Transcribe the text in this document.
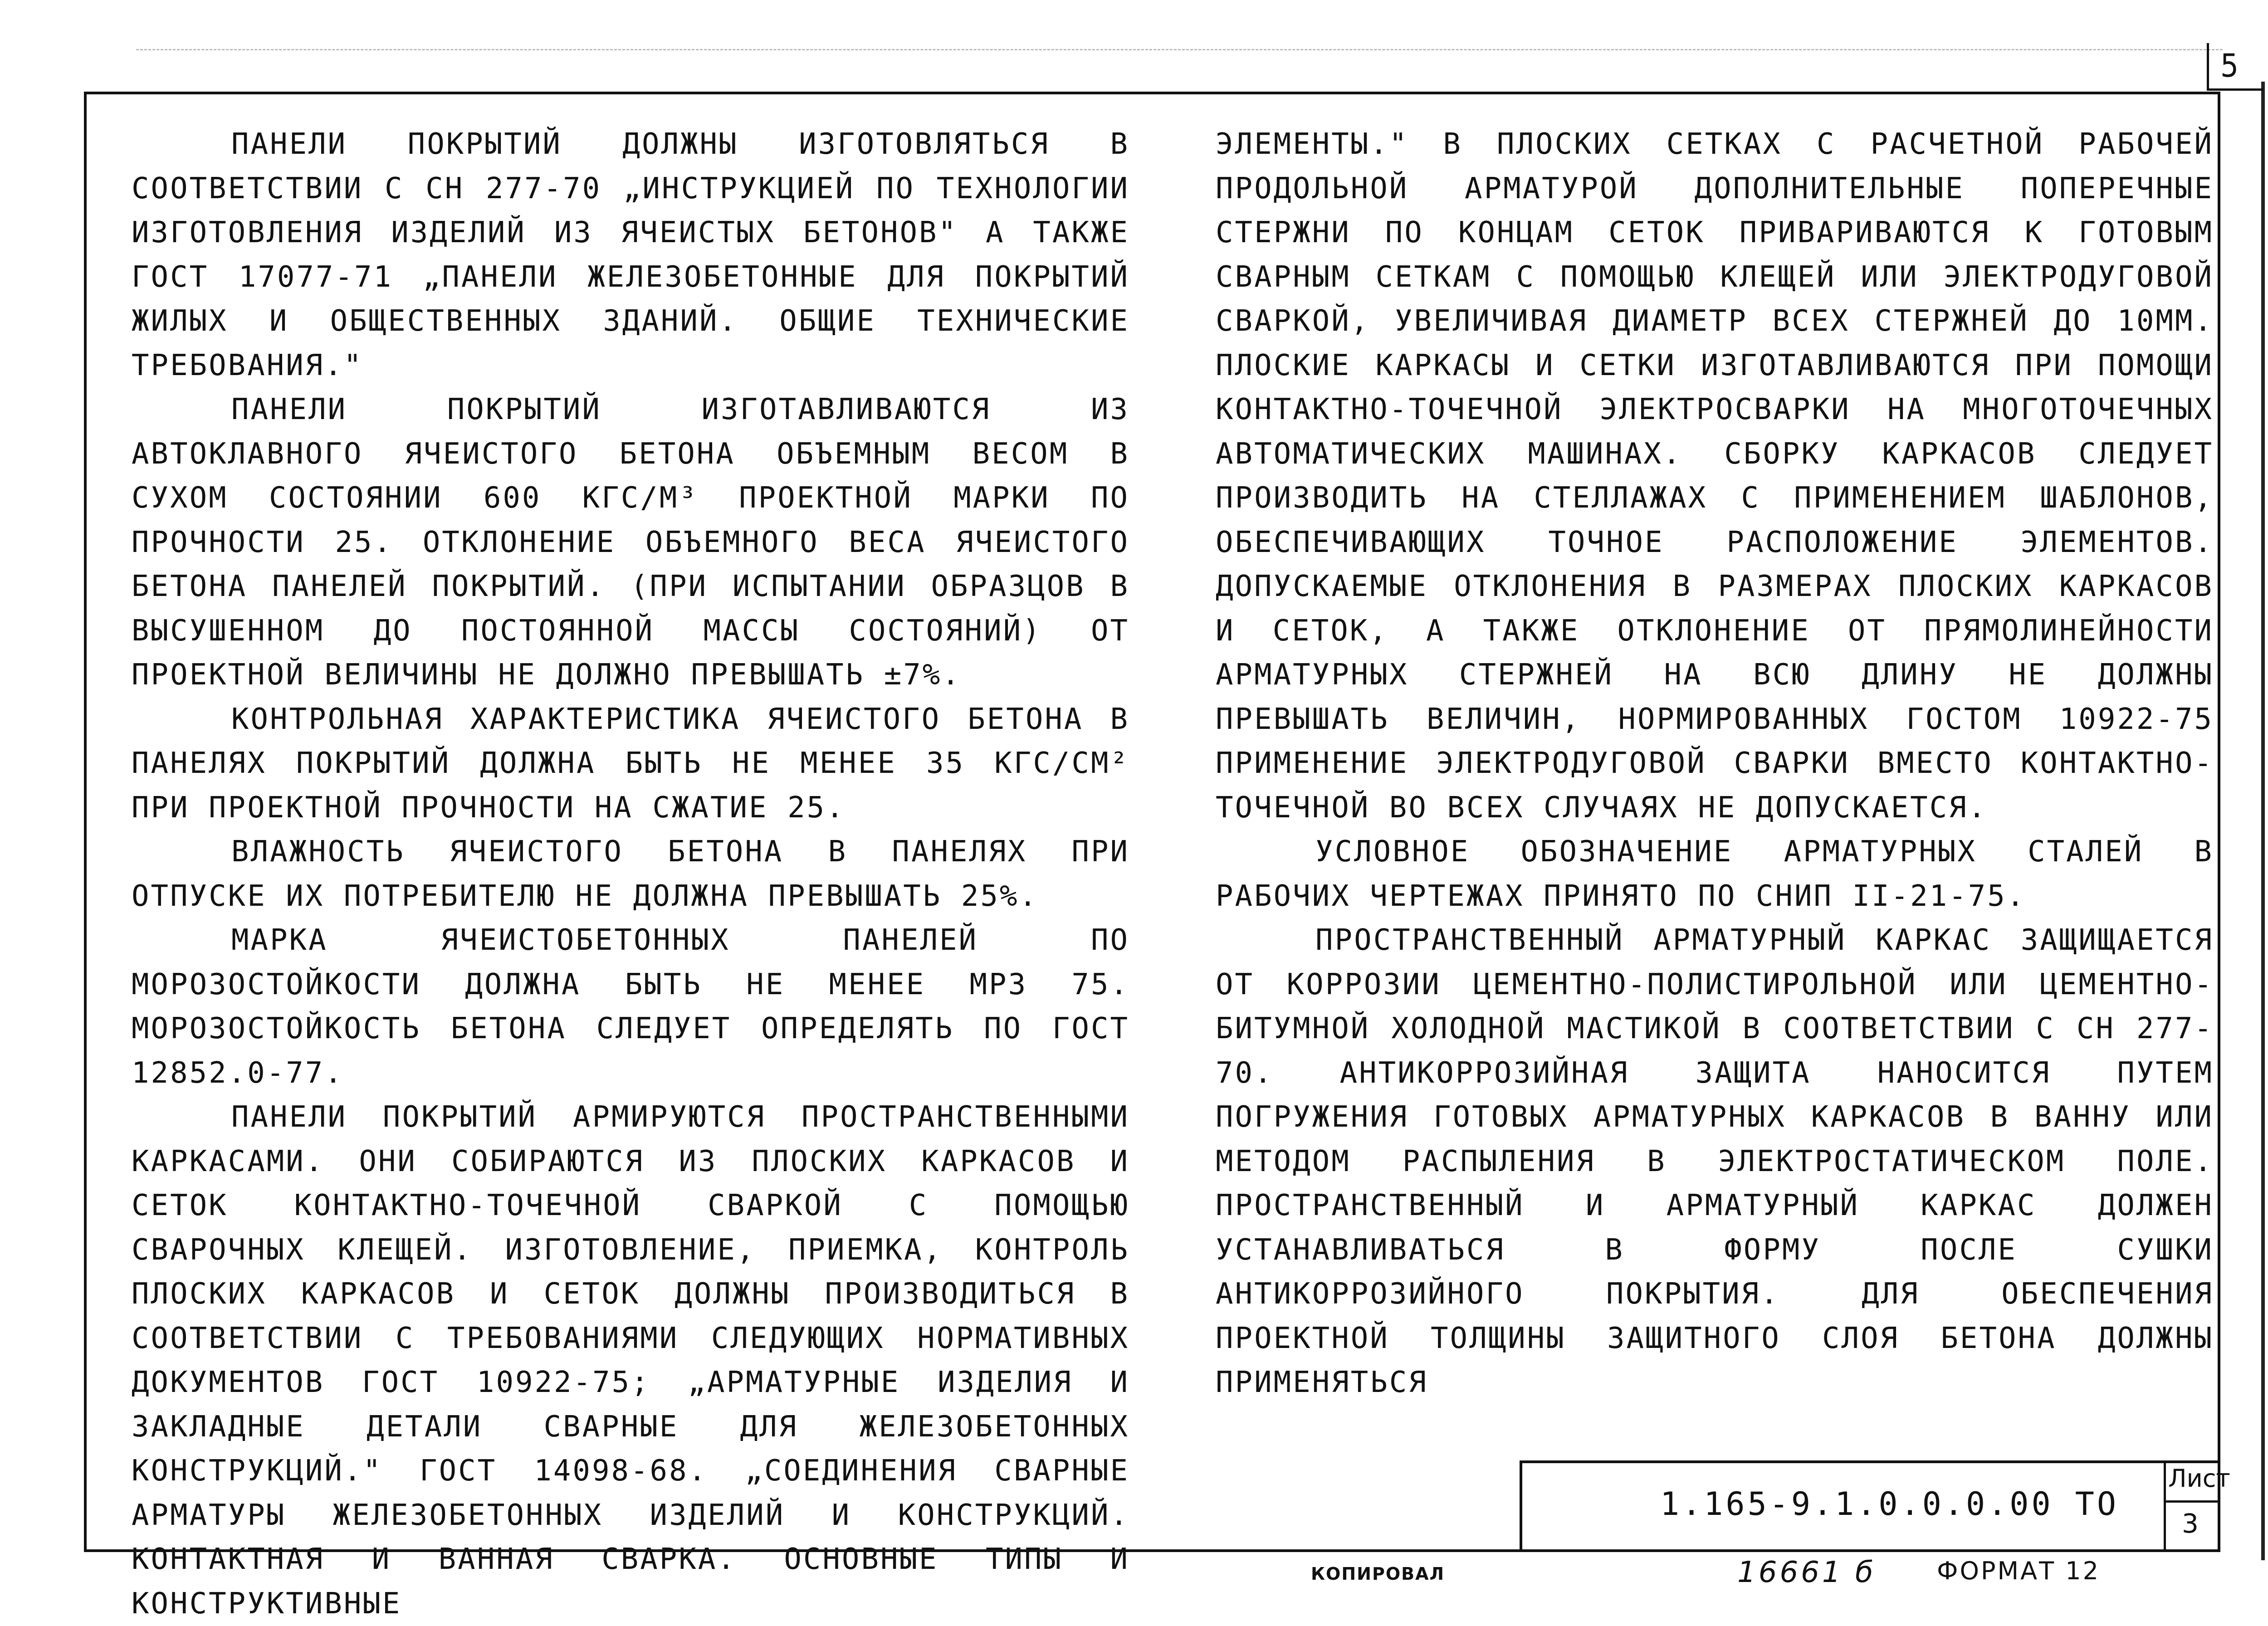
5

ПАНЕЛИ ПОКРЫТИЙ ДОЛЖНЫ ИЗГОТОВЛЯТЬСЯ В СООТВЕТСТВИИ С СН 277-70 „ИНСТРУКЦИЕЙ ПО ТЕХНОЛОГИИ ИЗГОТОВЛЕНИЯ ИЗДЕЛИЙ ИЗ ЯЧЕИСТЫХ БЕТОНОВ" А ТАКЖЕ ГОСТ 17077-71 „ПАНЕЛИ ЖЕЛЕЗОБЕТОННЫЕ ДЛЯ ПОКРЫТИЙ ЖИЛЫХ И ОБЩЕСТВЕННЫХ ЗДАНИЙ. ОБЩИЕ ТЕХНИЧЕСКИЕ ТРЕБОВАНИЯ."

ПАНЕЛИ ПОКРЫТИЙ ИЗГОТАВЛИВАЮТСЯ ИЗ АВТОКЛАВНОГО ЯЧЕИСТОГО БЕТОНА ОБЪЕМНЫМ ВЕСОМ В СУХОМ СОСТОЯНИИ 600 КГС/М³ ПРОЕКТНОЙ МАРКИ ПО ПРОЧНОСТИ 25. ОТКЛОНЕНИЕ ОБЪЕМНОГО ВЕСА ЯЧЕИСТОГО БЕТОНА ПАНЕЛЕЙ ПОКРЫТИЙ. (ПРИ ИСПЫТАНИИ ОБРАЗЦОВ В ВЫСУШЕННОМ ДО ПОСТОЯННОЙ МАССЫ СОСТОЯНИЙ) ОТ ПРОЕКТНОЙ ВЕЛИЧИНЫ НЕ ДОЛЖНО ПРЕВЫШАТЬ ±7%.

КОНТРОЛЬНАЯ ХАРАКТЕРИСТИКА ЯЧЕИСТОГО БЕТОНА В ПАНЕЛЯХ ПОКРЫТИЙ ДОЛЖНА БЫТЬ НЕ МЕНЕЕ 35 КГС/СМ² ПРИ ПРОЕКТНОЙ ПРОЧНОСТИ НА СЖАТИЕ 25.

ВЛАЖНОСТЬ ЯЧЕИСТОГО БЕТОНА В ПАНЕЛЯХ ПРИ ОТПУСКЕ ИХ ПОТРЕБИТЕЛЮ НЕ ДОЛЖНА ПРЕВЫШАТЬ 25%.

МАРКА ЯЧЕИСТОБЕТОННЫХ ПАНЕЛЕЙ ПО МОРОЗОСТОЙКОСТИ ДОЛЖНА БЫТЬ НЕ МЕНЕЕ МРЗ 75. МОРОЗОСТОЙКОСТЬ БЕТОНА СЛЕДУЕТ ОПРЕДЕЛЯТЬ ПО ГОСТ 12852.0-77.

ПАНЕЛИ ПОКРЫТИЙ АРМИРУЮТСЯ ПРОСТРАНСТВЕННЫМИ КАРКАСАМИ. ОНИ СОБИРАЮТСЯ ИЗ ПЛОСКИХ КАРКАСОВ И СЕТОК КОНТАКТНО-ТОЧЕЧНОЙ СВАРКОЙ С ПОМОЩЬЮ СВАРОЧНЫХ КЛЕЩЕЙ. ИЗГОТОВЛЕНИЕ, ПРИЕМКА, КОНТРОЛЬ ПЛОСКИХ КАРКАСОВ И СЕТОК ДОЛЖНЫ ПРОИЗВОДИТЬСЯ В СООТВЕТСТВИИ С ТРЕБОВАНИЯМИ СЛЕДУЮЩИХ НОРМАТИВНЫХ ДОКУМЕНТОВ ГОСТ 10922-75; „АРМАТУРНЫЕ ИЗДЕЛИЯ И ЗАКЛАДНЫЕ ДЕТАЛИ СВАРНЫЕ ДЛЯ ЖЕЛЕЗОБЕТОННЫХ КОНСТРУКЦИЙ." ГОСТ 14098-68. „СОЕДИНЕНИЯ СВАРНЫЕ АРМАТУРЫ ЖЕЛЕЗОБЕТОННЫХ ИЗДЕЛИЙ И КОНСТРУКЦИЙ. КОНТАКТНАЯ И ВАННАЯ СВАРКА. ОСНОВНЫЕ ТИПЫ И КОНСТРУКТИВНЫЕ

ЭЛЕМЕНТЫ." В ПЛОСКИХ СЕТКАХ С РАСЧЕТНОЙ РАБОЧЕЙ ПРОДОЛЬНОЙ АРМАТУРОЙ ДОПОЛНИТЕЛЬНЫЕ ПОПЕРЕЧНЫЕ СТЕРЖНИ ПО КОНЦАМ СЕТОК ПРИВАРИВАЮТСЯ К ГОТОВЫМ СВАРНЫМ СЕТКАМ С ПОМОЩЬЮ КЛЕЩЕЙ ИЛИ ЭЛЕКТРОДУГОВОЙ СВАРКОЙ, УВЕЛИЧИВАЯ ДИАМЕТР ВСЕХ СТЕРЖНЕЙ ДО 10ММ. ПЛОСКИЕ КАРКАСЫ И СЕТКИ ИЗГОТАВЛИВАЮТСЯ ПРИ ПОМОЩИ КОНТАКТНО-ТОЧЕЧНОЙ ЭЛЕКТРОСВАРКИ НА МНОГОТОЧЕЧНЫХ АВТОМАТИЧЕСКИХ МАШИНАХ. СБОРКУ КАРКАСОВ СЛЕДУЕТ ПРОИЗВОДИТЬ НА СТЕЛЛАЖАХ С ПРИМЕНЕНИЕМ ШАБЛОНОВ, ОБЕСПЕЧИВАЮЩИХ ТОЧНОЕ РАСПОЛОЖЕНИЕ ЭЛЕМЕНТОВ. ДОПУСКАЕМЫЕ ОТКЛОНЕНИЯ В РАЗМЕРАХ ПЛОСКИХ КАРКАСОВ И СЕТОК, А ТАКЖЕ ОТКЛОНЕНИЕ ОТ ПРЯМОЛИНЕЙНОСТИ АРМАТУРНЫХ СТЕРЖНЕЙ НА ВСЮ ДЛИНУ НЕ ДОЛЖНЫ ПРЕВЫШАТЬ ВЕЛИЧИН, НОРМИРОВАННЫХ ГОСТОМ 10922-75 ПРИМЕНЕНИЕ ЭЛЕКТРОДУГОВОЙ СВАРКИ ВМЕСТО КОНТАКТНО-ТОЧЕЧНОЙ ВО ВСЕХ СЛУЧАЯХ НЕ ДОПУСКАЕТСЯ.

УСЛОВНОЕ ОБОЗНАЧЕНИЕ АРМАТУРНЫХ СТАЛЕЙ В РАБОЧИХ ЧЕРТЕЖАХ ПРИНЯТО ПО СНИП II-21-75.

ПРОСТРАНСТВЕННЫЙ АРМАТУРНЫЙ КАРКАС ЗАЩИЩАЕТСЯ ОТ КОРРОЗИИ ЦЕМЕНТНО-ПОЛИСТИРОЛЬНОЙ ИЛИ ЦЕМЕНТНО-БИТУМНОЙ ХОЛОДНОЙ МАСТИКОЙ В СООТВЕТСТВИИ С СН 277-70. АНТИКОРРОЗИЙНАЯ ЗАЩИТА НАНОСИТСЯ ПУТЕМ ПОГРУЖЕНИЯ ГОТОВЫХ АРМАТУРНЫХ КАРКАСОВ В ВАННУ ИЛИ МЕТОДОМ РАСПЫЛЕНИЯ В ЭЛЕКТРОСТАТИЧЕСКОМ ПОЛЕ. ПРОСТРАНСТВЕННЫЙ И АРМАТУРНЫЙ КАРКАС ДОЛЖЕН УСТАНАВЛИВАТЬСЯ В ФОРМУ ПОСЛЕ СУШКИ АНТИКОРРОЗИЙНОГО ПОКРЫТИЯ. ДЛЯ ОБЕСПЕЧЕНИЯ ПРОЕКТНОЙ ТОЛЩИНЫ ЗАЩИТНОГО СЛОЯ БЕТОНА ДОЛЖНЫ ПРИМЕНЯТЬСЯ

1.165-9.1.0.0.0.00 ТО
Лист
3
КОПИРОВАЛ	16661 б ФОРМАТ 12
